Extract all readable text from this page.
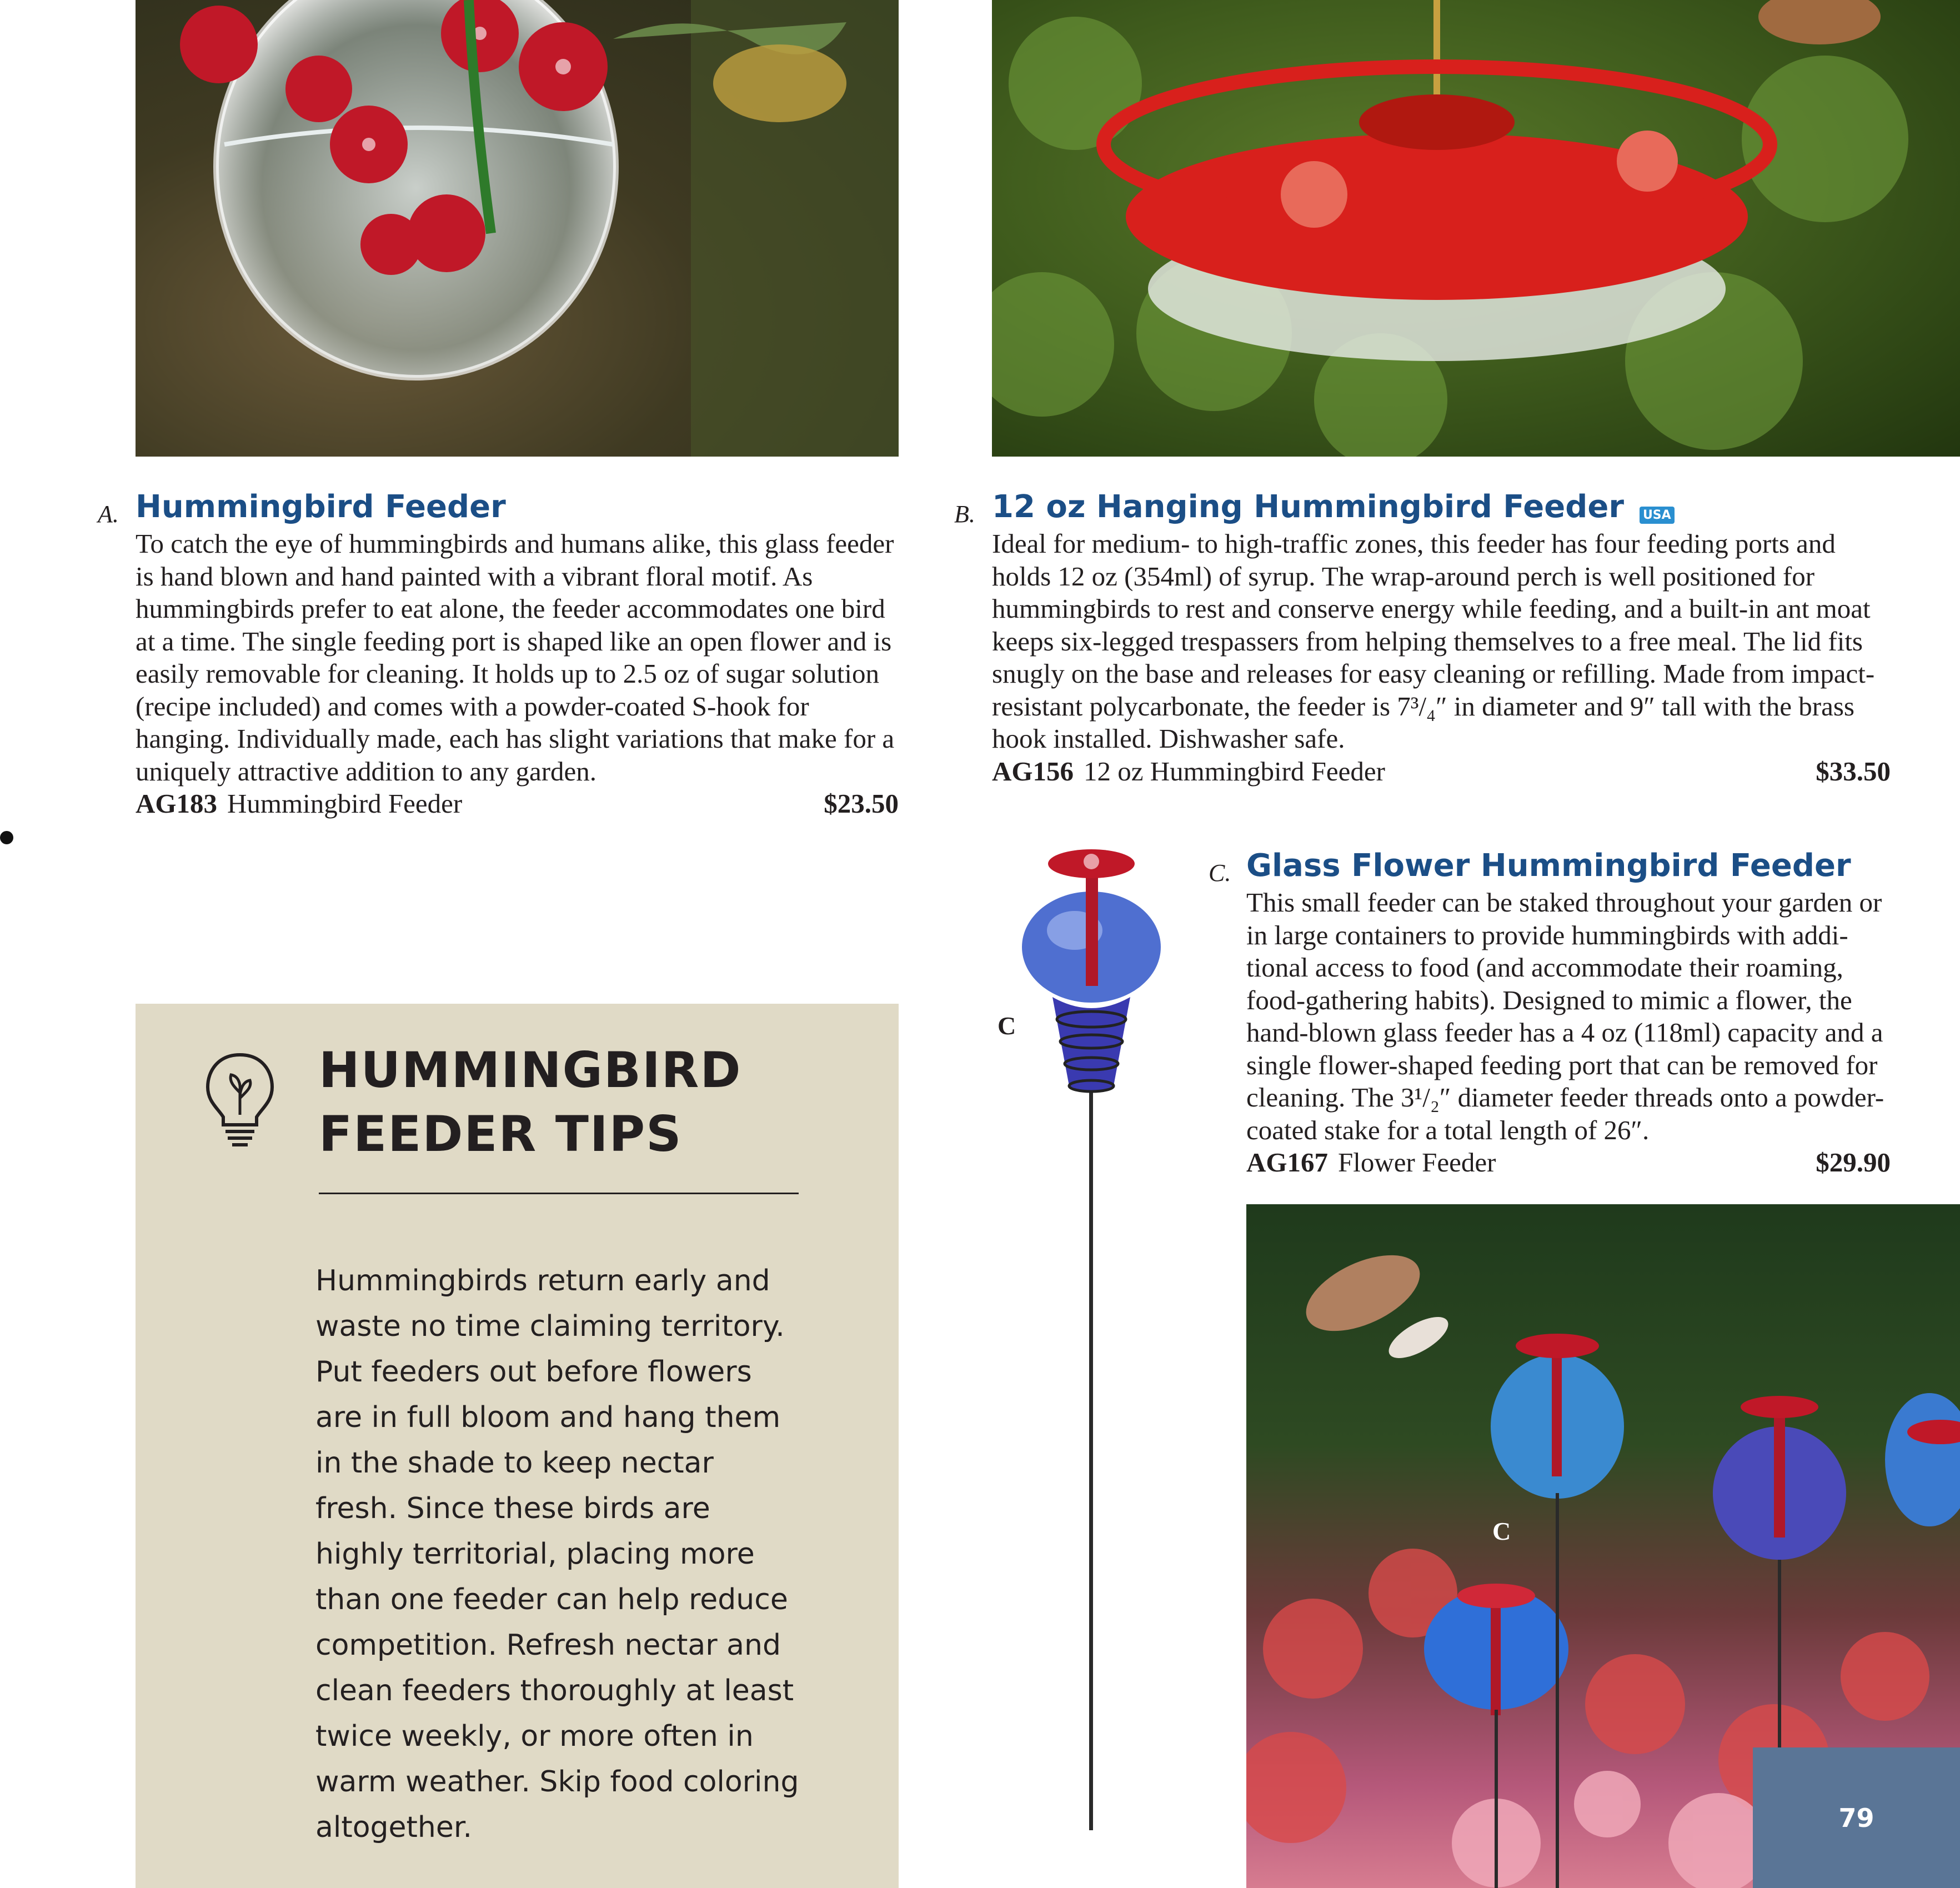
A. Hummingbird Feeder
To catch the eye of hummingbirds and humans alike, this glass feeder is hand blown and hand painted with a vibrant floral motif. As hummingbirds prefer to eat alone, the feeder accommodates one bird at a time. The single feeding port is shaped like an open flower and is easily removable for cleaning. It holds up to 2.5 oz of sugar solution (recipe included) and comes with a powder-coated S-hook for hanging. Individually made, each has slight variations that make for a uniquely attractive addition to any garden.
AG183 Hummingbird Feeder	$23.50
B. 12 oz Hanging Hummingbird Feeder USA
Ideal for medium- to high-traffic zones, this feeder has four feeding ports and holds 12 oz (354ml) of syrup. The wrap-around perch is well positioned for hummingbirds to rest and conserve energy while feeding, and a built-in ant moat keeps six-legged trespassers from helping themselves to a free meal. The lid fits snugly on the base and releases for easy cleaning or refilling. Made from impact-resistant polycarbonate, the feeder is 7³/₄″ in diameter and 9″ tall with the brass hook installed. Dishwasher safe.
AG156 12 oz Hummingbird Feeder	$33.50
C
C. Glass Flower Hummingbird Feeder
This small feeder can be staked throughout your garden or in large containers to provide hummingbirds with addi-tional access to food (and accommodate their roaming, food-gathering habits). Designed to mimic a flower, the hand-blown glass feeder has a 4 oz (118ml) capacity and a single flower-shaped feeding port that can be removed for cleaning. The 3¹/₂″ diameter feeder threads onto a powder-coated stake for a total length of 26″.
AG167 Flower Feeder	$29.90
C
HUMMINGBIRD
FEEDER TIPS
Hummingbirds return early and waste no time claiming territory. Put feeders out before flowers are in full bloom and hang them in the shade to keep nectar fresh. Since these birds are highly territorial, placing more than one feeder can help reduce competition. Refresh nectar and clean feeders thoroughly at least twice weekly, or more often in warm weather. Skip food coloring altogether.	79
